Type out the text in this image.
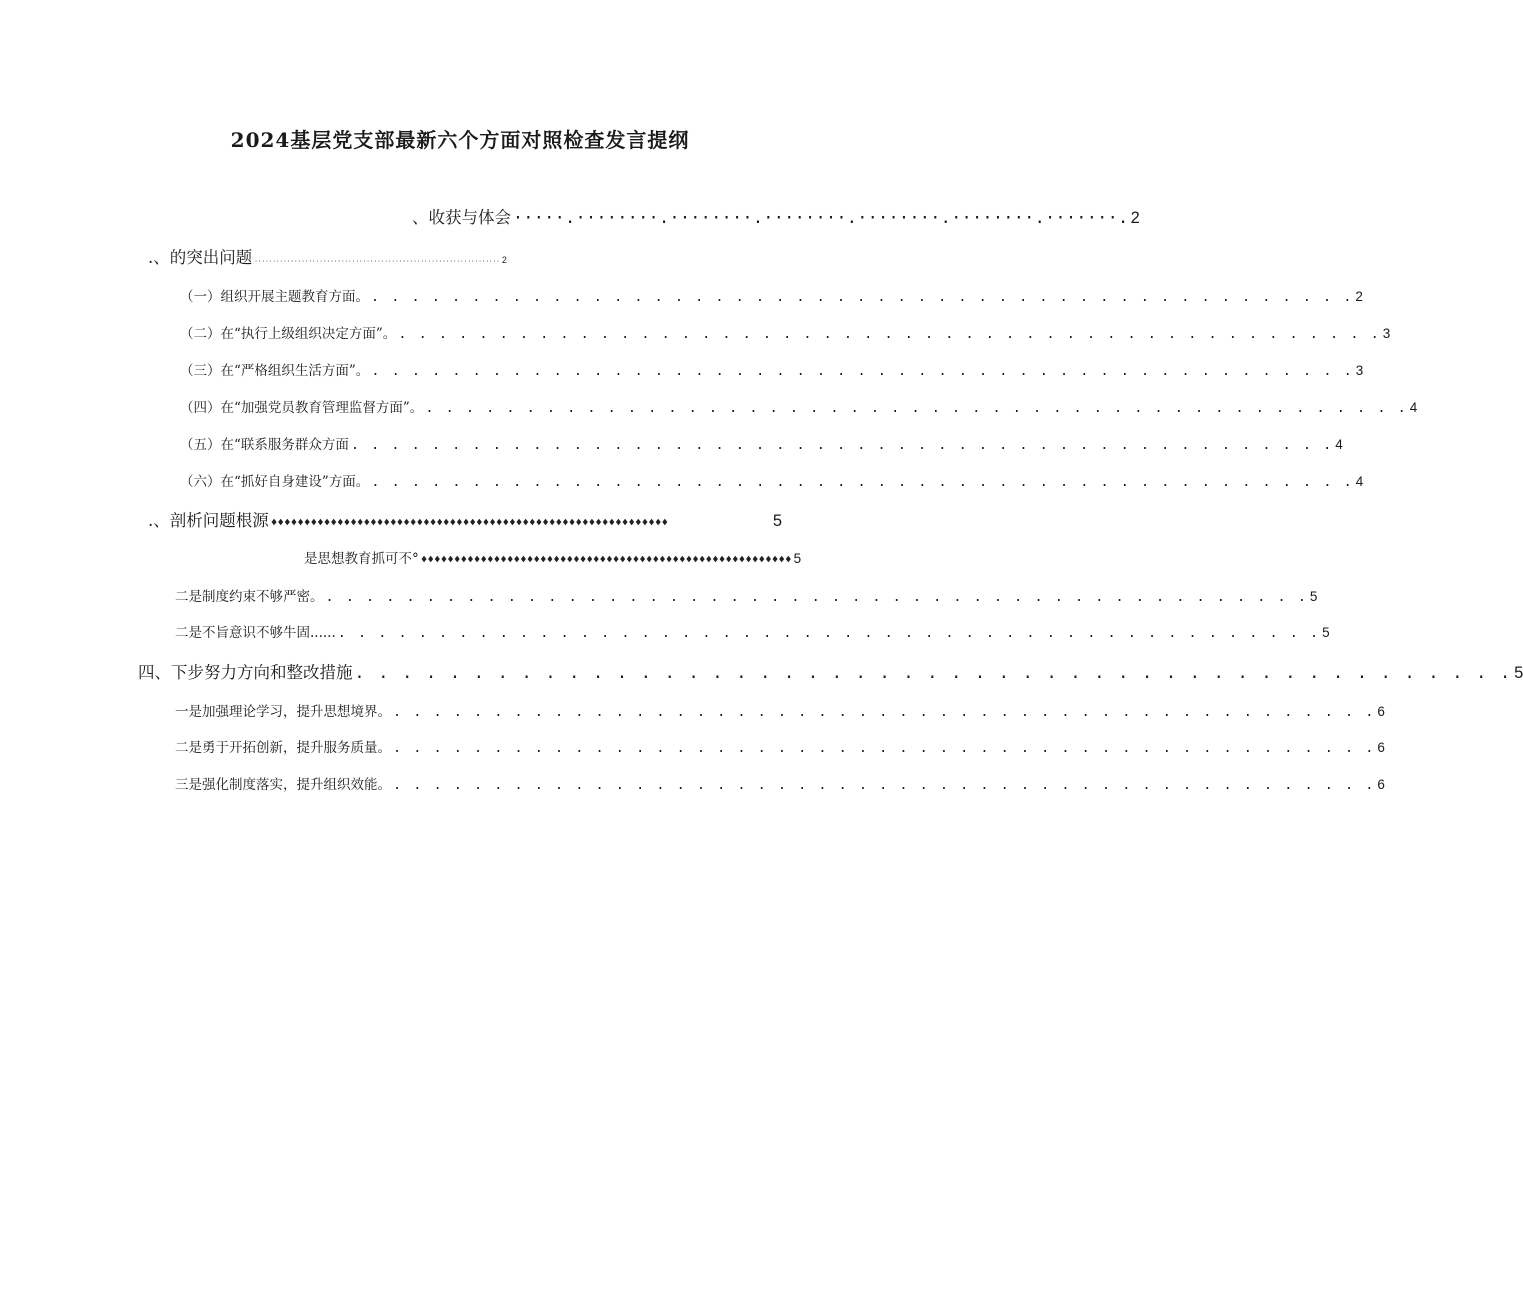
2024基层党支部最新六个方面对照检查发言提纲
、收获与体会 ·····.········.········.········.········.········.·······. 2
.、的突出问题 ···································································· 2
（一）组织开展主题教育方面。 . . . . . . . . . . . . . . . . . . . . . . . . . . . . . . . . . . . . . . . . . . . . . . . . . 2
（二）在“执行上级组织决定方面”。 . . . . . . . . . . . . . . . . . . . . . . . . . . . . . . . . . . . . . . . . . . . . . . . . . 3
（三）在“严格组织生活方面”。 . . . . . . . . . . . . . . . . . . . . . . . . . . . . . . . . . . . . . . . . . . . . . . . . . 3
（四）在“加强党员教育管理监督方面”。 . . . . . . . . . . . . . . . . . . . . . . . . . . . . . . . . . . . . . . . . . . . . . . . . . 4
（五）在“联系服务群众方面 . . . . . . . . . . . . . . . . . . . . . . . . . . . . . . . . . . . . . . . . . . . . . . . . . 4
（六）在“抓好自身建设”方面。 . . . . . . . . . . . . . . . . . . . . . . . . . . . . . . . . . . . . . . . . . . . . . . . . . 4
.、剖析问题根源 ♦♦♦♦♦♦♦♦♦♦♦♦♦♦♦♦♦♦♦♦♦♦♦♦♦♦♦♦♦♦♦♦♦♦♦♦♦♦♦♦♦♦♦♦♦♦♦♦♦♦♦♦♦♦♦♦♦♦♦♦	5
是思想教育抓可不° ♦♦♦♦♦♦♦♦♦♦♦♦♦♦♦♦♦♦♦♦♦♦♦♦♦♦♦♦♦♦♦♦♦♦♦♦♦♦♦♦♦♦♦♦♦♦♦♦♦♦♦♦♦♦♦♦ 5
二是制度约束不够严密。 . . . . . . . . . . . . . . . . . . . . . . . . . . . . . . . . . . . . . . . . . . . . . . . . . 5
二是不旨意识不够牛固...... . . . . . . . . . . . . . . . . . . . . . . . . . . . . . . . . . . . . . . . . . . . . . . . . . 5
四、下步努力方向和整改措施 . . . . . . . . . . . . . . . . . . . . . . . . . . . . . . . . . . . . . . . . . . . . . . . . . 5
一是加强理论学习，提升思想境界。 . . . . . . . . . . . . . . . . . . . . . . . . . . . . . . . . . . . . . . . . . . . . . . . . . 6
二是勇于开拓创新，提升服务质量。 . . . . . . . . . . . . . . . . . . . . . . . . . . . . . . . . . . . . . . . . . . . . . . . . . 6
三是强化制度落实，提升组织效能。 . . . . . . . . . . . . . . . . . . . . . . . . . . . . . . . . . . . . . . . . . . . . . . . . . 6
